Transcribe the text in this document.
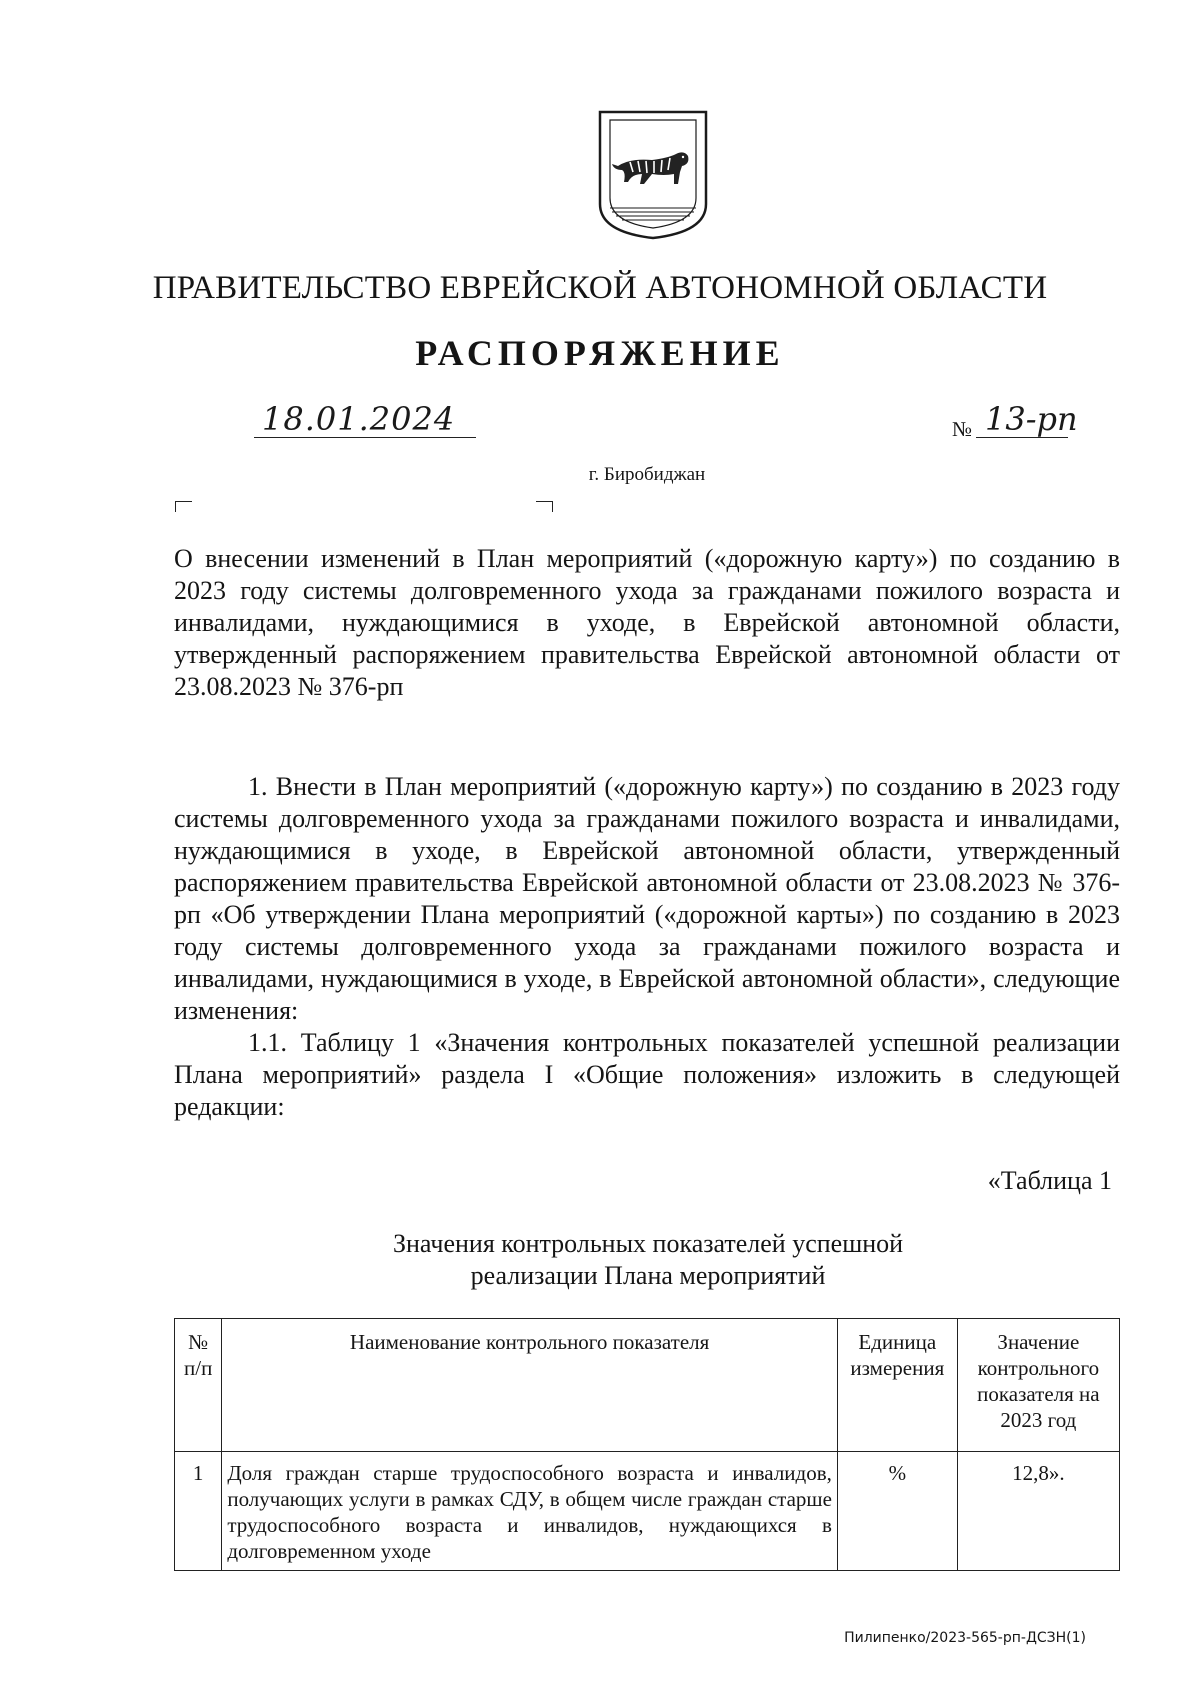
ПРАВИТЕЛЬСТВО ЕВРЕЙСКОЙ АВТОНОМНОЙ ОБЛАСТИ
РАСПОРЯЖЕНИЕ
18.01.2024	№ 13-рп
г. Биробиджан
О внесении изменений в План мероприятий («дорожную карту») по созданию в 2023 году системы долговременного ухода за гражданами пожилого возраста и инвалидами, нуждающимися в уходе, в Еврейской автономной области, утвержденный распоряжением правительства Еврейской автономной области от 23.08.2023 № 376-рп

1. Внести в План мероприятий («дорожную карту») по созданию в 2023 году системы долговременного ухода за гражданами пожилого возраста и инвалидами, нуждающимися в уходе, в Еврейской автономной области, утвержденный распоряжением правительства Еврейской автономной области от 23.08.2023 № 376-рп «Об утверждении Плана мероприятий («дорожной карты») по созданию в 2023 году системы долговременного ухода за гражданами пожилого возраста и инвалидами, нуждающимися в уходе, в Еврейской автономной области», следующие изменения:

1.1. Таблицу 1 «Значения контрольных показателей успешной реализации Плана мероприятий» раздела I «Общие положения» изложить в следующей редакции:

«Таблица 1
Значения контрольных показателей успешной
реализации Плана мероприятий
№ п/п	Наименование контрольного показателя	Единица измерения	Значение контрольного показателя на 2023 год
1	Доля граждан старше трудоспособного возраста и инвалидов, получающих услуги в рамках СДУ, в общем числе граждан старше трудоспособного возраста и инвалидов, нуждающихся в долговременном уходе	%	12,8».
Пилипенко/2023-565-рп-ДСЗН(1)
